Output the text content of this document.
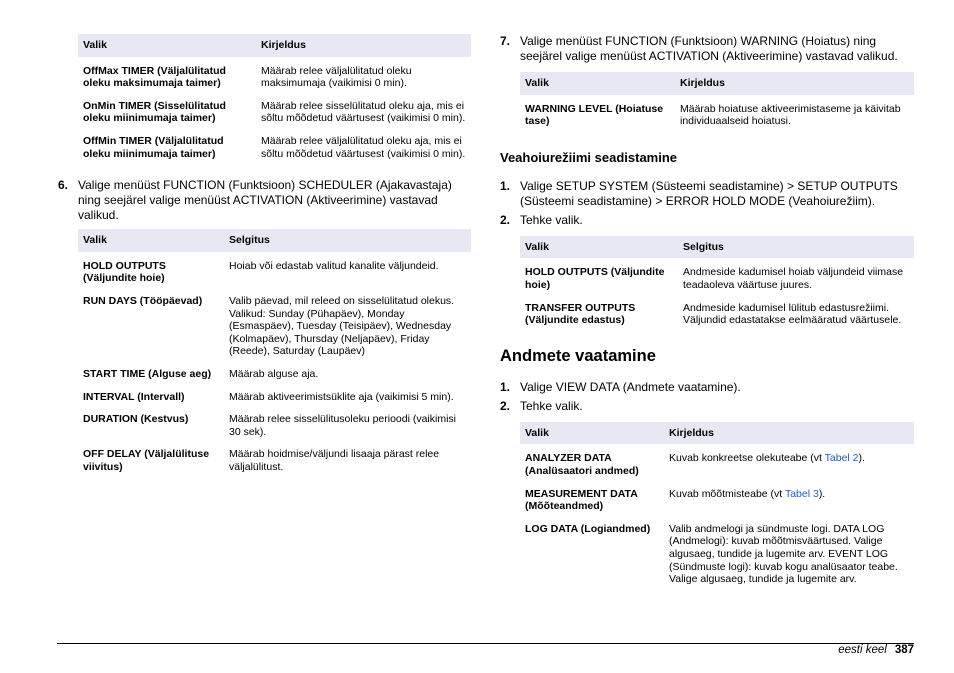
Valik	Kirjeldus
OffMax TIMER (Väljalülitatud oleku maksimumaja taimer)	Määrab relee väljalülitatud oleku maksimumaja (vaikimisi 0 min).
OnMin TIMER (Sisselülitatud oleku miinimumaja taimer)	Määrab relee sisselülitatud oleku aja, mis ei sõltu mõõdetud väärtusest (vaikimisi 0 min).
OffMin TIMER (Väljalülitatud oleku miinimumaja taimer)	Määrab relee väljalülitatud oleku aja, mis ei sõltu mõõdetud väärtusest (vaikimisi 0 min).

6. Valige menüüst FUNCTION (Funktsioon) SCHEDULER (Ajakavastaja) ning seejärel valige menüüst ACTIVATION (Aktiveerimine) vastavad valikud.

Valik	Selgitus
HOLD OUTPUTS (Väljundite hoie)	Hoiab või edastab valitud kanalite väljundeid.
RUN DAYS (Tööpäevad)	Valib päevad, mil releed on sisselülitatud olekus. Valikud: Sunday (Pühapäev), Monday (Esmaspäev), Tuesday (Teisipäev), Wednesday (Kolmapäev), Thursday (Neljapäev), Friday (Reede), Saturday (Laupäev)
START TIME (Alguse aeg)	Määrab alguse aja.
INTERVAL (Intervall)	Määrab aktiveerimistsüklite aja (vaikimisi 5 min).
DURATION (Kestvus)	Määrab relee sisselülitusoleku perioodi (vaikimisi 30 sek).
OFF DELAY (Väljalülituse viivitus)	Määrab hoidmise/väljundi lisaaja pärast relee väljalülitust.

7. Valige menüüst FUNCTION (Funktsioon) WARNING (Hoiatus) ning seejärel valige menüüst ACTIVATION (Aktiveerimine) vastavad valikud.

Valik	Kirjeldus
WARNING LEVEL (Hoiatuse tase)	Määrab hoiatuse aktiveerimistaseme ja käivitab individuaalseid hoiatusi.
Veahoiurežiimi seadistamine

1. Valige SETUP SYSTEM (Süsteemi seadistamine) > SETUP OUTPUTS (Süsteemi seadistamine) > ERROR HOLD MODE (Veahoiurežiim).

2. Tehke valik.

Valik	Selgitus
HOLD OUTPUTS (Väljundite hoie)	Andmeside kadumisel hoiab väljundeid viimase teadaoleva väärtuse juures.
TRANSFER OUTPUTS (Väljundite edastus)	Andmeside kadumisel lülitub edastusrežiimi. Väljundid edastatakse eelmääratud väärtusele.
Andmete vaatamine

1. Valige VIEW DATA (Andmete vaatamine).

2. Tehke valik.

Valik	Kirjeldus
ANALYZER DATA (Analüsaatori andmed)	Kuvab konkreetse olekuteabe (vt Tabel 2).
MEASUREMENT DATA (Mõõteandmed)	Kuvab mõõtmisteabe (vt Tabel 3).
LOG DATA (Logiandmed)	Valib andmelogi ja sündmuste logi. DATA LOG (Andmelogi): kuvab mõõtmisväärtused. Valige algusaeg, tundide ja lugemite arv. EVENT LOG (Sündmuste logi): kuvab kogu analüsaator teabe. Valige algusaeg, tundide ja lugemite arv.
eesti keel 387
